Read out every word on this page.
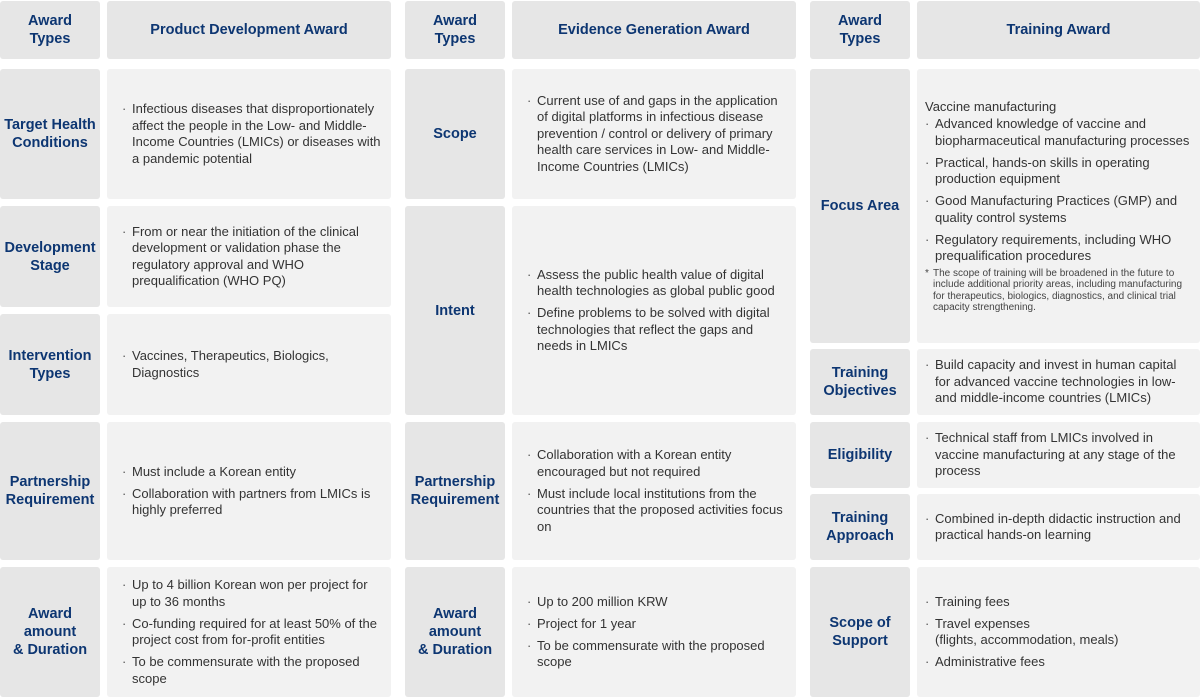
Award
Types
Product Development Award
Target Health
Conditions
· Infectious diseases that disproportionately affect the people in the Low- and Middle-Income Countries (LMICs) or diseases with a pandemic potential
Development
Stage
· From or near the initiation of the clinical development or validation phase the regulatory approval and WHO prequalification (WHO PQ)
Intervention
Types
· Vaccines, Therapeutics, Biologics, Diagnostics
Partnership
Requirement
· Must include a Korean entity
· Collaboration with partners from LMICs is highly preferred
Award
amount
& Duration
· Up to 4 billion Korean won per project for up to 36 months
· Co-funding required for at least 50% of the project cost from for-profit entities
· To be commensurate with the proposed scope
Award
Types
Evidence Generation Award
Scope
· Current use of and gaps in the application of digital platforms in infectious disease prevention / control or delivery of primary health care services in Low- and Middle-Income Countries (LMICs)
Intent
· Assess the public health value of digital health technologies as global public good
· Define problems to be solved with digital technologies that reflect the gaps and needs in LMICs
Partnership
Requirement
· Collaboration with a Korean entity encouraged but not required
· Must include local institutions from the countries that the proposed activities focus on
Award
amount
& Duration
· Up to 200 million KRW
· Project for 1 year
· To be commensurate with the proposed scope
Award
Types
Training Award
Focus Area
Vaccine manufacturing
· Advanced knowledge of vaccine and biopharmaceutical manufacturing processes
· Practical, hands-on skills in operating production equipment
· Good Manufacturing Practices (GMP) and quality control systems
· Regulatory requirements, including WHO prequalification procedures
* The scope of training will be broadened in the future to include additional priority areas, including manufacturing for therapeutics, biologics, diagnostics, and clinical trial capacity strengthening.
Training
Objectives
· Build capacity and invest in human capital for advanced vaccine technologies in low- and middle-income countries (LMICs)
Eligibility
· Technical staff from LMICs involved in vaccine manufacturing at any stage of the process
Training
Approach
· Combined in-depth didactic instruction and practical hands-on learning
Scope of
Support
· Training fees
· Travel expenses
(flights, accommodation, meals)
· Administrative fees
